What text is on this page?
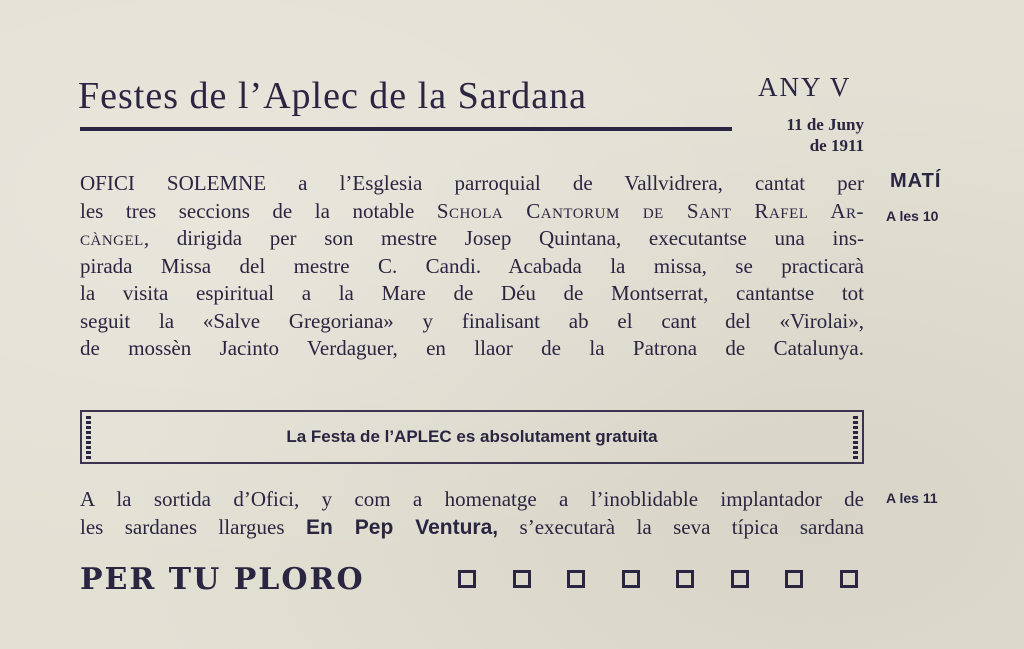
Festes de l’Aplec de la Sardana	ANY V
11 de Juny
de 1911
MATÍ
A les 10
OFICI SOLEMNE a l’Esglesia parroquial de Vallvidrera, cantat per
les tres seccions de la notable Schola Cantorum de Sant Rafel Ar-
càngel, dirigida per son mestre Josep Quintana, executantse una ins-
pirada Missa del mestre C. Candi. Acabada la missa, se practicarà
la visita espiritual a la Mare de Déu de Montserrat, cantantse tot
seguit la «Salve Gregoriana» y finalisant ab el cant del «Virolai»,
de mossèn Jacinto Verdaguer, en llaor de la Patrona de Catalunya.
La Festa de l’APLEC es absolutament gratuita
A les 11
A la sortida d’Ofici, y com a homenatge a l’inoblidable implantador de
les sardanes llargues En Pep Ventura, s’executarà la seva típica sardana
PER TU PLORO
